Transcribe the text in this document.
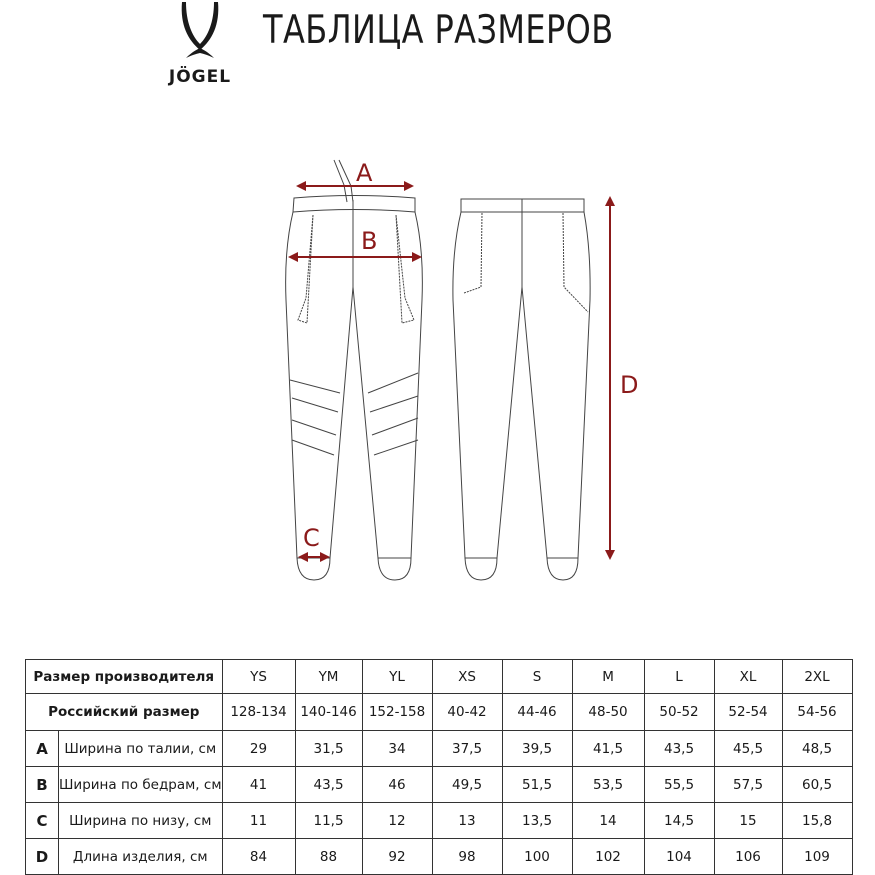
JÖGEL
ТАБЛИЦА РАЗМЕРОВ
A
B
C
D
Размер производителя		YS	YM	YL	XS	S	M	L	XL	2XL
Российский размер		128-134	140-146	152-158	40-42	44-46	48-50	50-52	52-54	54-56
A	Ширина по талии, см	29	31,5	34	37,5	39,5	41,5	43,5	45,5	48,5
B	Ширина по бедрам, см	41	43,5	46	49,5	51,5	53,5	55,5	57,5	60,5
C	Ширина по низу, см	11	11,5	12	13	13,5	14	14,5	15	15,8
D	Длина изделия, см	84	88	92	98	100	102	104	106	109
